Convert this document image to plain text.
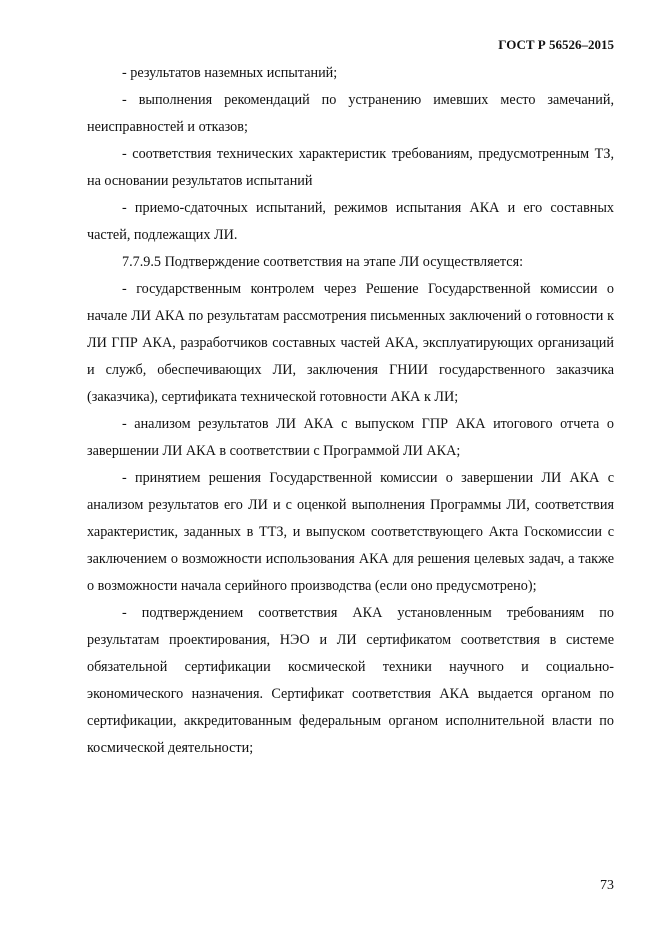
ГОСТ Р 56526–2015

- результатов наземных испытаний;

- выполнения рекомендаций по устранению имевших место замечаний, неисправностей и отказов;

- соответствия технических характеристик требованиям, предусмотренным ТЗ, на основании результатов испытаний

- приемо-сдаточных испытаний, режимов испытания АКА и его составных частей, подлежащих ЛИ.

7.7.9.5 Подтверждение соответствия на этапе ЛИ осуществляется:

- государственным контролем через Решение Государственной комиссии о начале ЛИ АКА по результатам рассмотрения письменных заключений о готовности к ЛИ ГПР АКА, разработчиков составных частей АКА, эксплуатирующих организаций и служб, обеспечивающих ЛИ, заключения ГНИИ государственного заказчика (заказчика), сертификата технической готовности АКА к ЛИ;

- анализом результатов ЛИ АКА с выпуском ГПР АКА итогового отчета о завершении ЛИ АКА в соответствии с Программой ЛИ АКА;

- принятием решения Государственной комиссии о завершении ЛИ АКА с анализом результатов его ЛИ и с оценкой выполнения Программы ЛИ, соответствия характеристик, заданных в ТТЗ, и выпуском соответствующего Акта Госкомиссии с заключением о возможности использования АКА для решения целевых задач, а также о возможности начала серийного производства (если оно предусмотрено);

- подтверждением соответствия АКА установленным требованиям по результатам проектирования, НЭО и ЛИ сертификатом соответствия в системе обязательной сертификации космической техники научного и социально-экономического назначения. Сертификат соответствия АКА выдается органом по сертификации, аккредитованным федеральным органом исполнительной власти по космической деятельности;

73
